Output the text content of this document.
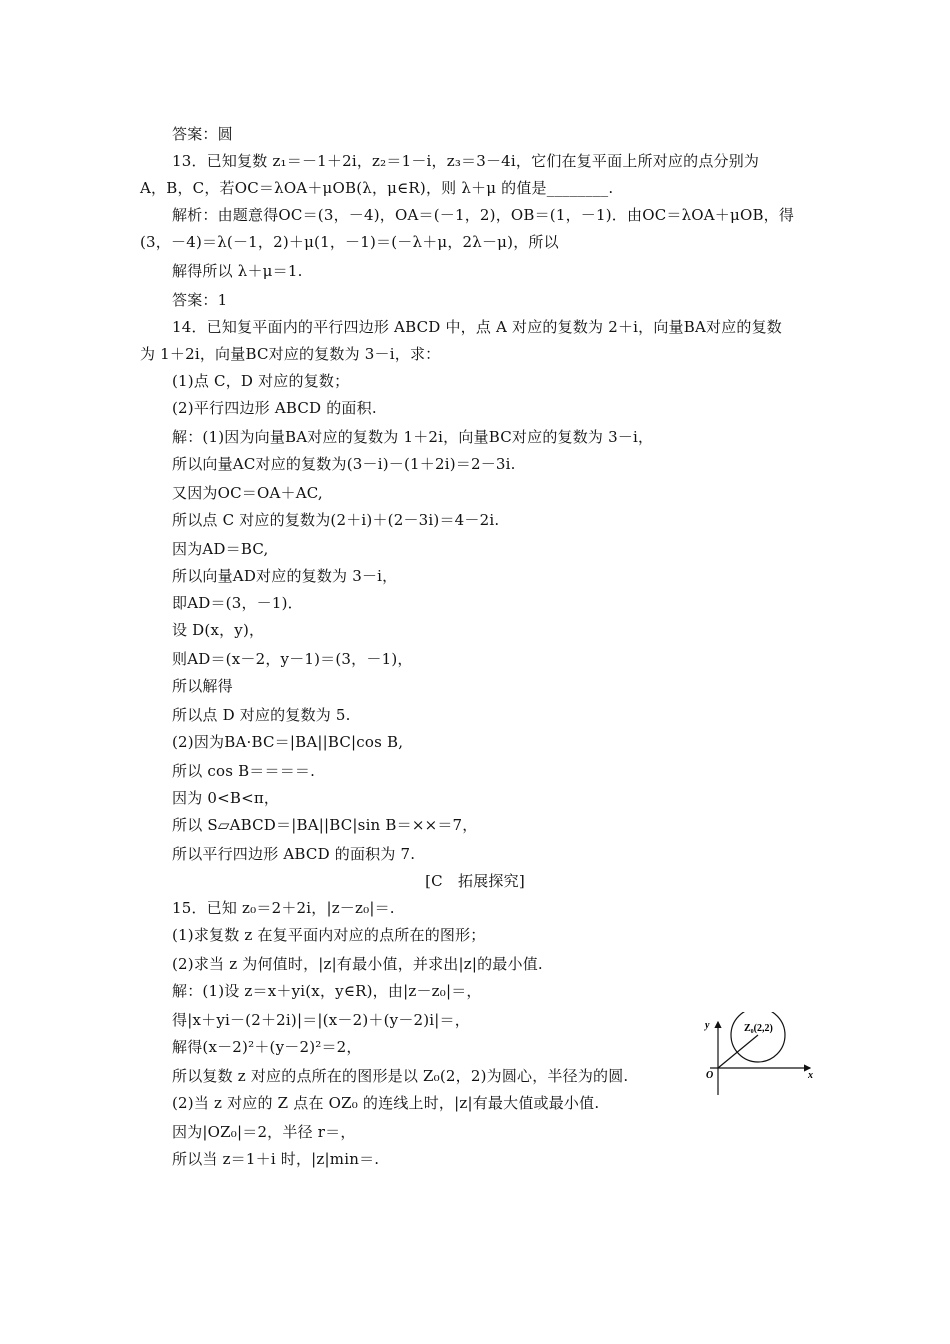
答案：圆
13．已知复数 z₁＝－1＋2i，z₂＝1－i，z₃＝3－4i，它们在复平面上所对应的点分别为
A，B，C，若OC＝λOA＋μOB(λ，μ∈R)，则 λ＋μ 的值是________.
解析：由题意得OC＝(3，－4)，OA＝(－1，2)，OB＝(1，－1)．由OC＝λOA＋μOB，得
(3，－4)＝λ(－1，2)＋μ(1，－1)＝(－λ＋μ，2λ－μ)，所以
解得所以 λ＋μ＝1.
答案：1
14．已知复平面内的平行四边形 ABCD 中，点 A 对应的复数为 2＋i，向量BA对应的复数
为 1＋2i，向量BC对应的复数为 3－i，求：
(1)点 C，D 对应的复数；
(2)平行四边形 ABCD 的面积.
解：(1)因为向量BA对应的复数为 1＋2i，向量BC对应的复数为 3－i，
所以向量AC对应的复数为(3－i)－(1＋2i)＝2－3i.
又因为OC＝OA＋AC,
所以点 C 对应的复数为(2＋i)＋(2－3i)＝4－2i.
因为AD＝BC,
所以向量AD对应的复数为 3－i，
即AD＝(3，－1)．
设 D(x，y)，
则AD＝(x－2，y－1)＝(3，－1)，
所以解得
所以点 D 对应的复数为 5.
(2)因为BA·BC＝|BA||BC|cos B,
所以 cos B＝＝＝＝.
因为 0<B<π，
所以 S▱ABCD＝|BA||BC|sin B＝××＝7，
所以平行四边形 ABCD 的面积为 7.
[C　拓展探究]
15．已知 z₀＝2＋2i，|z－z₀|＝.
(1)求复数 z 在复平面内对应的点所在的图形；
(2)求当 z 为何值时，|z|有最小值，并求出|z|的最小值.
解：(1)设 z＝x＋yi(x，y∈R)，由|z－z₀|＝，
得|x＋yi－(2＋2i)|＝|(x－2)＋(y－2)i|＝，
解得(x－2)²＋(y－2)²＝2，
所以复数 z 对应的点所在的图形是以 Z₀(2，2)为圆心，半径为的圆.
(2)当 z 对应的 Z 点在 OZ₀ 的连线上时，|z|有最大值或最小值.
因为|OZ₀|＝2，半径 r＝，
所以当 z＝1＋i 时，|z|min＝.
y
x
O
Z₀(2,2)
